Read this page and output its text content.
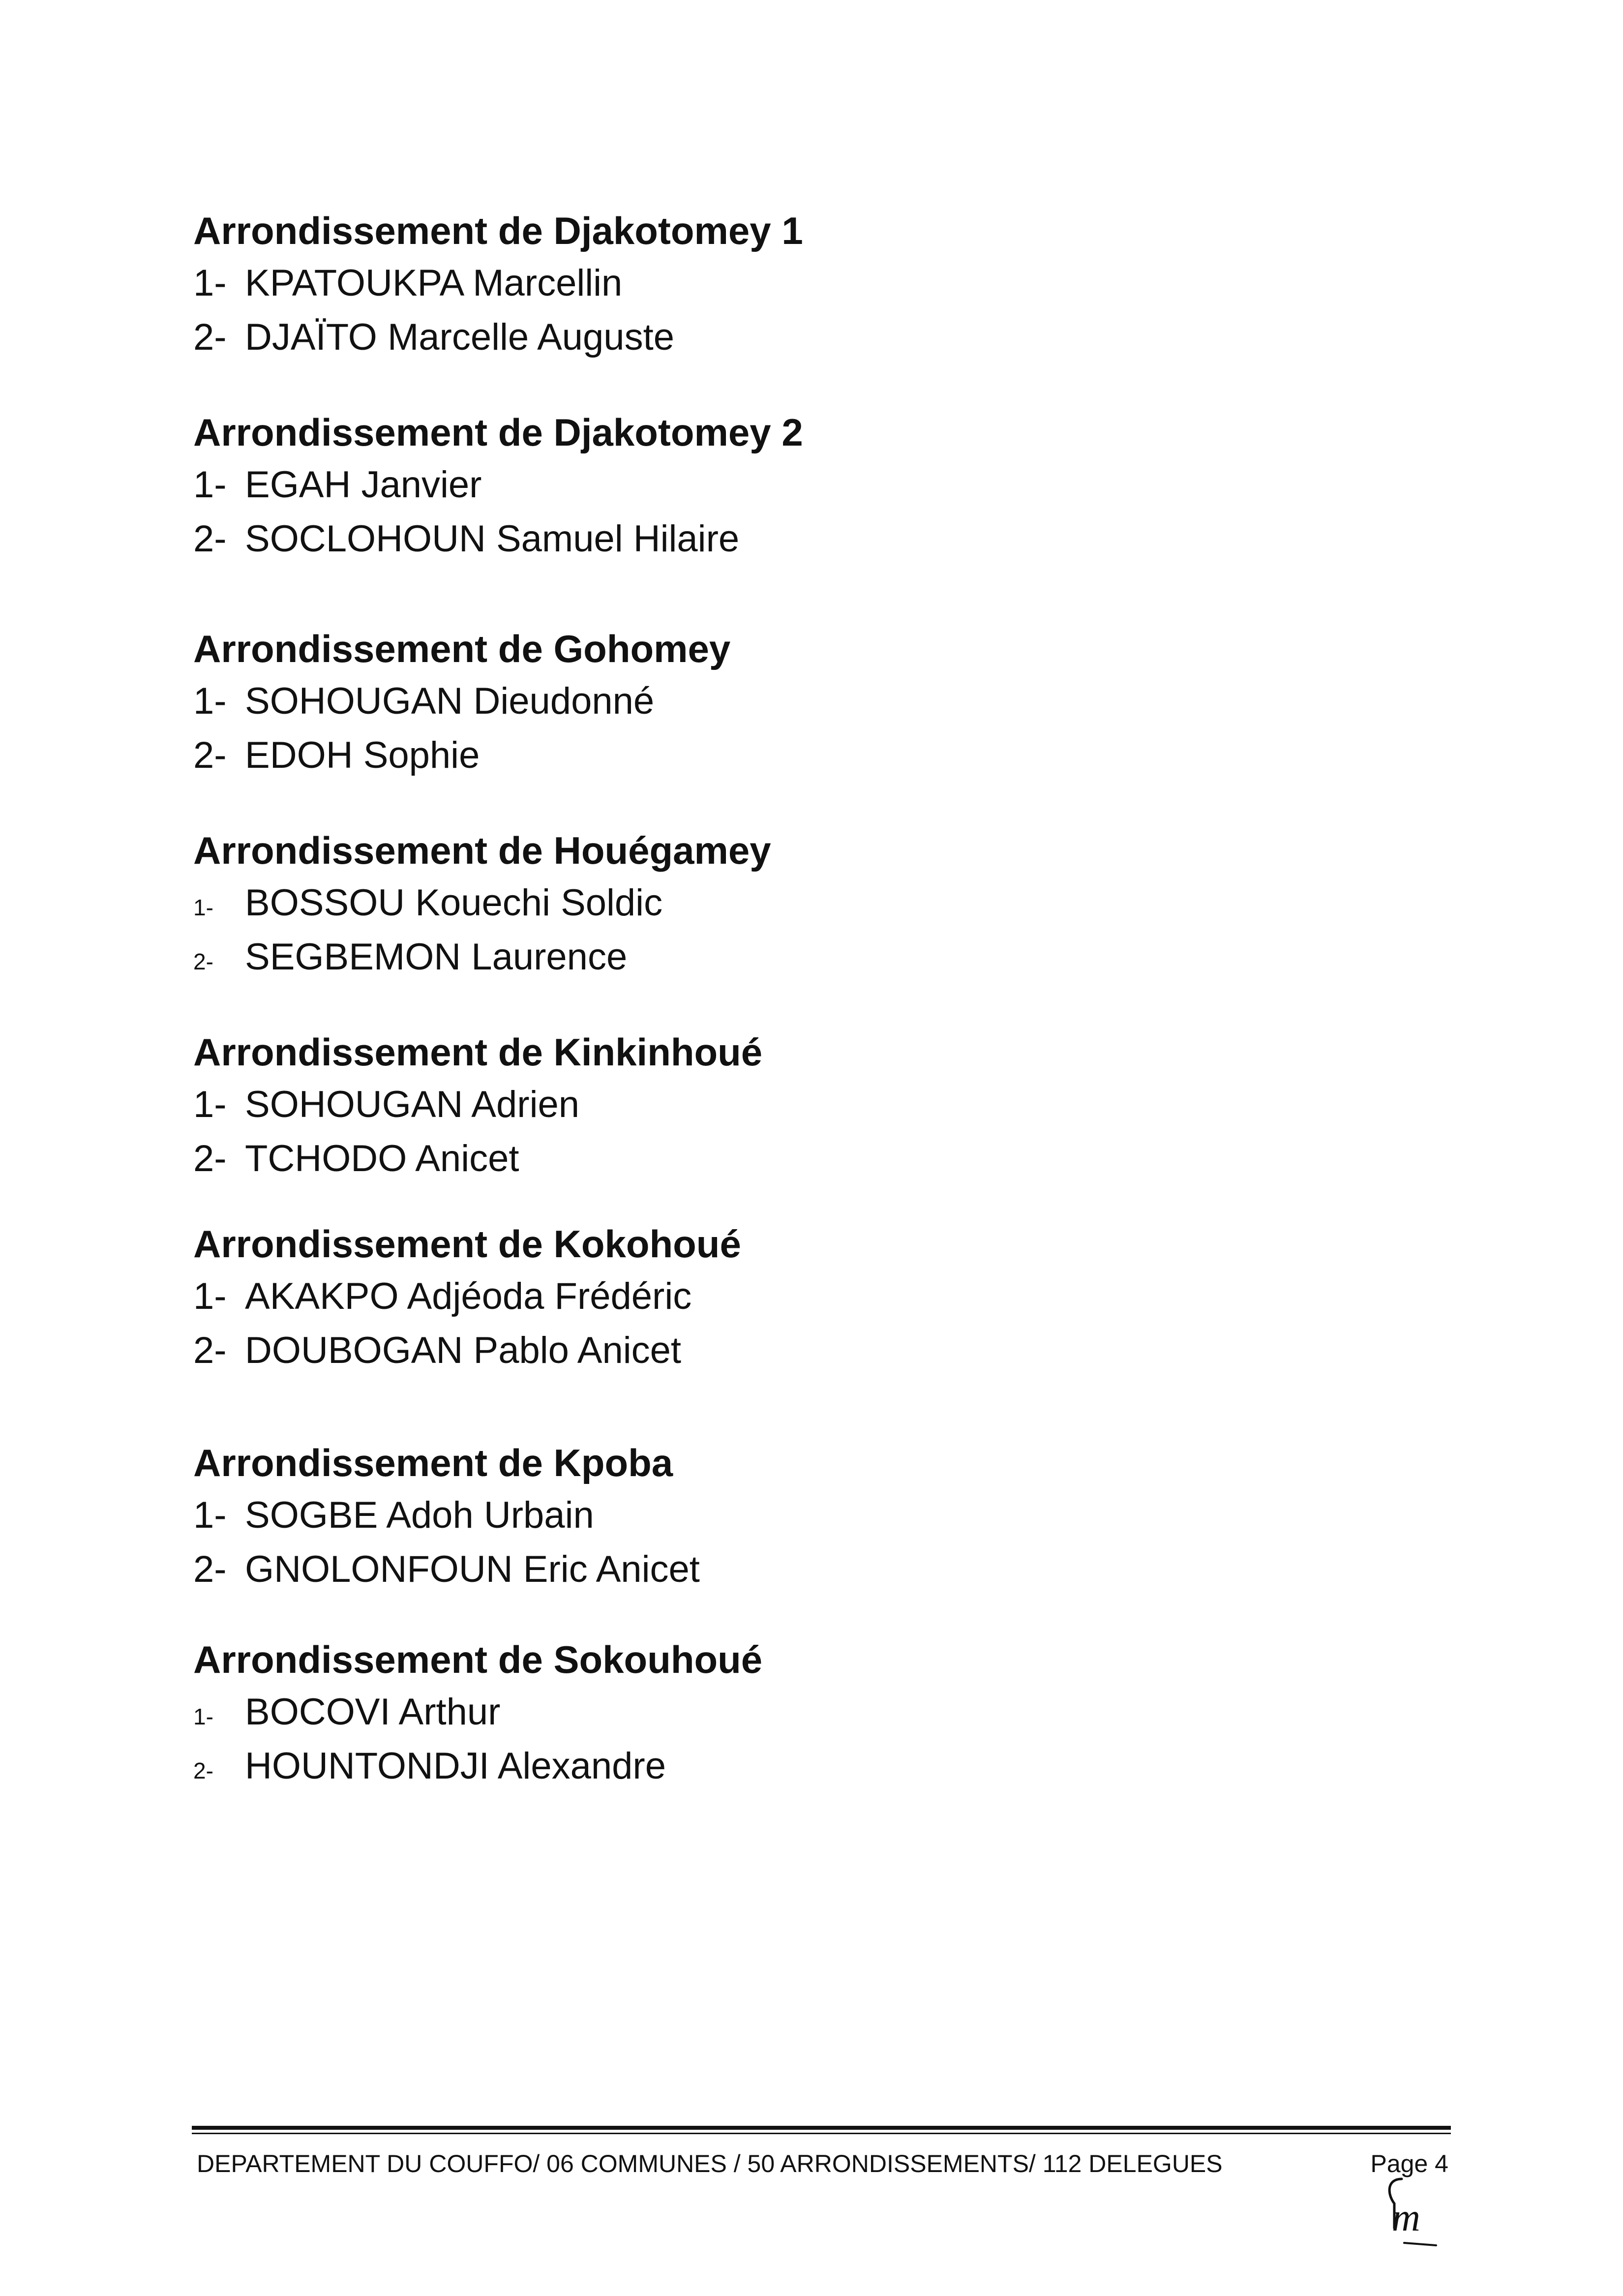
Arrondissement de Djakotomey 1
1- KPATOUKPA Marcellin
2- DJAÏTO Marcelle Auguste
Arrondissement de Djakotomey 2
1- EGAH Janvier
2- SOCLOHOUN Samuel Hilaire
Arrondissement de Gohomey
1- SOHOUGAN Dieudonné
2- EDOH Sophie
Arrondissement de Houégamey
1- BOSSOU Kouechi Soldic
2- SEGBEMON Laurence
Arrondissement de Kinkinhoué
1- SOHOUGAN Adrien
2- TCHODO Anicet
Arrondissement de Kokohoué
1- AKAKPO Adjéoda Frédéric
2- DOUBOGAN Pablo Anicet
Arrondissement de Kpoba
1- SOGBE Adoh Urbain
2- GNOLONFOUN Eric Anicet
Arrondissement de Sokouhoué
1- BOCOVI Arthur
2- HOUNTONDJI Alexandre
DEPARTEMENT DU COUFFO/ 06 COMMUNES / 50 ARRONDISSEMENTS/ 112 DELEGUES	Page 4
m
